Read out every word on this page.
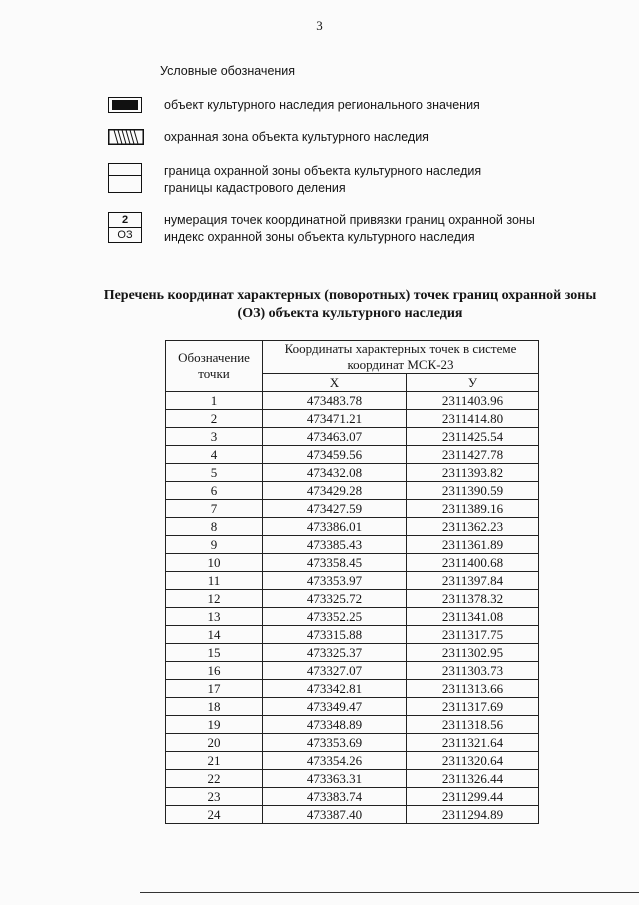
3
Условные обозначения
объект культурного наследия регионального значения
охранная зона объекта культурного наследия
граница охранной зоны объекта культурного наследия
границы кадастрового деления
2
ОЗ
нумерация точек координатной привязки границ охранной зоны
индекс охранной зоны объекта культурного наследия
Перечень координат характерных (поворотных) точек границ охранной зоны (ОЗ) объекта культурного наследия
Обозначение точки	Координаты характерных точек в системе координат МСК-23	
	X	У
1	473483.78	2311403.96
2	473471.21	2311414.80
3	473463.07	2311425.54
4	473459.56	2311427.78
5	473432.08	2311393.82
6	473429.28	2311390.59
7	473427.59	2311389.16
8	473386.01	2311362.23
9	473385.43	2311361.89
10	473358.45	2311400.68
11	473353.97	2311397.84
12	473325.72	2311378.32
13	473352.25	2311341.08
14	473315.88	2311317.75
15	473325.37	2311302.95
16	473327.07	2311303.73
17	473342.81	2311313.66
18	473349.47	2311317.69
19	473348.89	2311318.56
20	473353.69	2311321.64
21	473354.26	2311320.64
22	473363.31	2311326.44
23	473383.74	2311299.44
24	473387.40	2311294.89
